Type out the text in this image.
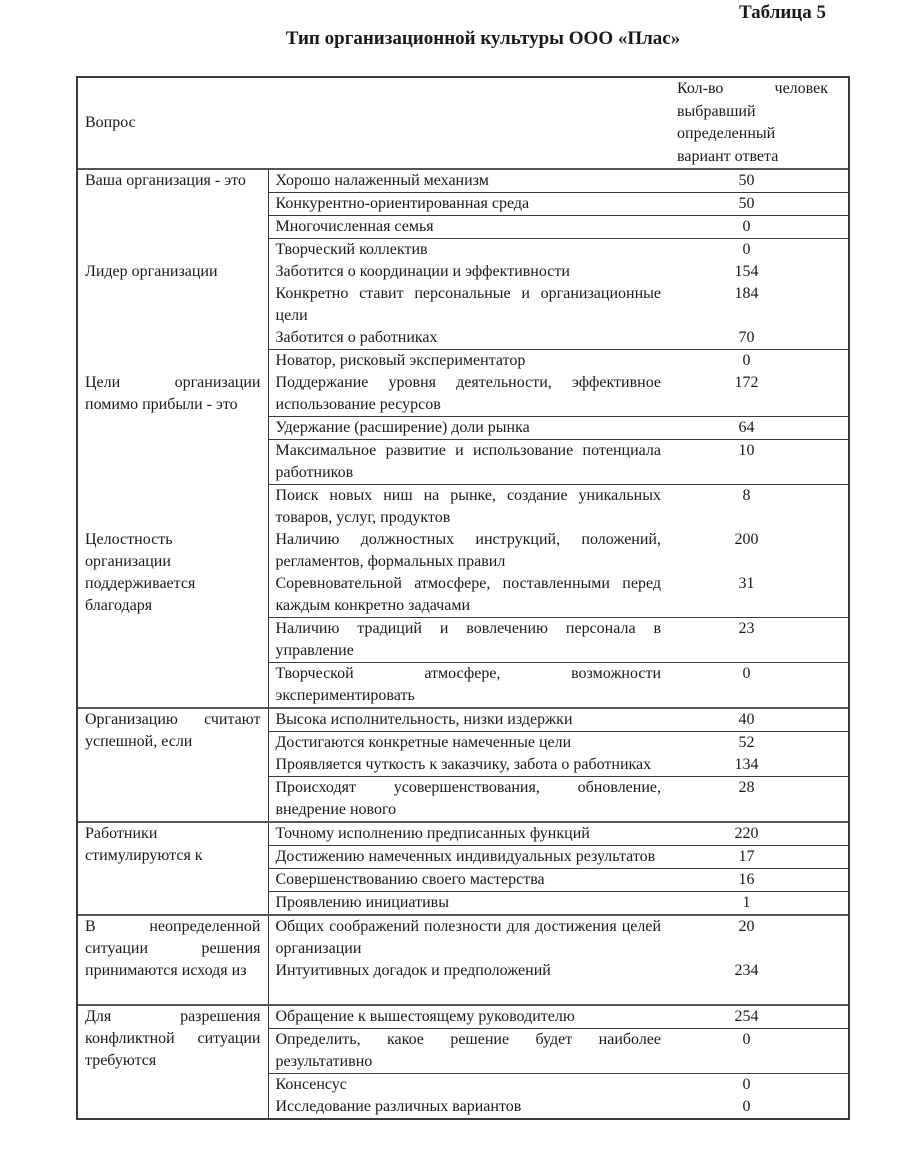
Таблица 5
Тип организационной культуры ООО «Плас»
Вопрос		Кол-во человек выбравший определенный вариант ответа
Ваша организация - это	Хорошо налаженный механизм	50
	Конкурентно-ориентированная среда	50
	Многочисленная семья	0

Лидер организации	Творческий коллектив	0
	Заботится о координации и эффективности	154
	Конкретно ставит персональные и организационные цели	184
	Заботится о работниках	70

Цели организации помимо прибыли - это	Новатор, рисковый экспериментатор	0
	Поддержание уровня деятельности, эффективное использование ресурсов	172
	Удержание (расширение) доли рынка	64
	Максимальное развитие и использование потенциала работников	10

Целостность организации поддерживается благодаря	Поиск новых ниш на рынке, создание уникальных товаров, услуг, продуктов	8
	Наличию должностных инструкций, положений, регламентов, формальных правил	200
	Соревновательной атмосфере, поставленными перед каждым конкретно задачами	31
	Наличию традиций и вовлечению персонала в управление	23
	Творческой атмосфере, возможности экспериментировать	0
Организацию считают успешной, если	Высока исполнительность, низки издержки	40
	Достигаются конкретные намеченные цели	52
	Проявляется чуткость к заказчику, забота о работниках	134
	Происходят усовершенствования, обновление, внедрение нового	28
Работники стимулируются к	Точному исполнению предписанных функций	220
	Достижению намеченных индивидуальных результатов	17
	Совершенствованию своего мастерства	16
	Проявлению инициативы	1
В неопределенной ситуации решения принимаются исходя из	Общих соображений полезности для достижения целей организации	20
	Интуитивных догадок и предположений	234
Для разрешения конфликтной ситуации требуются	Обращение к вышестоящему руководителю	254
	Определить, какое решение будет наиболее результативно	0
	Консенсус	0
	Исследование различных вариантов	0
